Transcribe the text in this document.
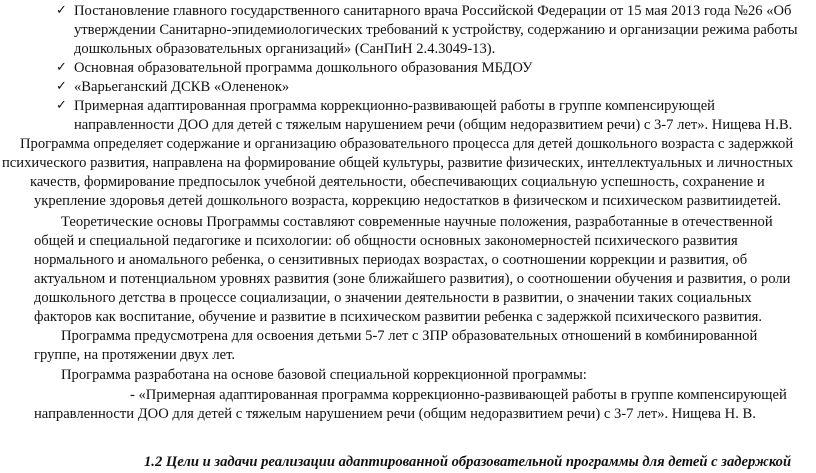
✓ Постановление главного государственного санитарного врача Российской Федерации от 15 мая 2013 года №26 «Об
утверждении Санитарно-эпидемиологических требований к устройству, содержанию и организации режима работы
дошкольных образовательных организаций» (СанПиН 2.4.3049-13).
✓ Основная образовательной программа дошкольного образования МБДОУ
✓ «Варьеганский ДСКВ «Олененок»
✓ Примерная адаптированная программа коррекционно-развивающей работы в группе компенсирующей
направленности ДОО для детей с тяжелым нарушением речи (общим недоразвитием речи) с 3-7 лет». Нищева Н.В.
Программа определяет содержание и организацию образовательного процесса для детей дошкольного возраста с задержкой
психического развития, направлена на формирование общей культуры, развитие физических, интеллектуальных и личностных
качеств, формирование предпосылок учебной деятельности, обеспечивающих социальную успешность, сохранение и
укрепление здоровья детей дошкольного возраста, коррекцию недостатков в физическом и психическом развитиидетей.
Теоретические основы Программы составляют современные научные положения, разработанные в отечественной
общей и специальной педагогике и психологии: об общности основных закономерностей психического развития
нормального и аномального ребенка, о сензитивных периодах возрастах, о соотношении коррекции и развития, об
актуальном и потенциальном уровнях развития (зоне ближайшего развития), о соотношении обучения и развития, о роли
дошкольного детства в процессе социализации, о значении деятельности в развитии, о значении таких социальных
факторов как воспитание, обучение и развитие в психическом развитии ребенка с задержкой психического развития.
Программа предусмотрена для освоения детьми 5-7 лет с ЗПР образовательных отношений в комбинированной
группе, на протяжении двух лет.
Программа разработана на основе базовой специальной коррекционной программы:
- «Примерная адаптированная программа коррекционно-развивающей работы в группе компенсирующей
направленности ДОО для детей с тяжелым нарушением речи (общим недоразвитием речи) с 3-7 лет». Нищева Н. В.
1.2 Цели и задачи реализации адаптированной образовательной программы для детей с задержкой
